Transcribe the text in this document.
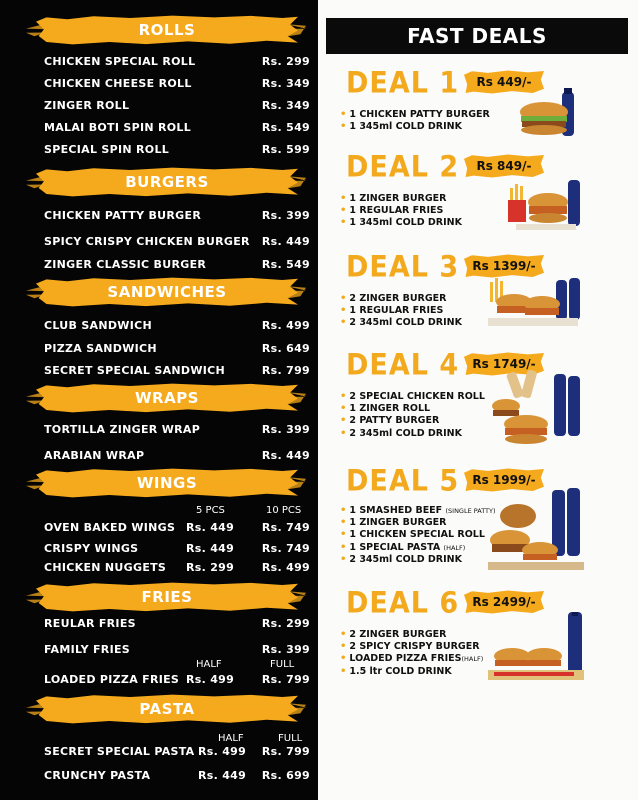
ROLLS
CHICKEN SPECIAL ROLL	Rs. 299
CHICKEN CHEESE ROLL	Rs. 349
ZINGER ROLL	Rs. 349
MALAI BOTI SPIN ROLL	Rs. 549
SPECIAL SPIN ROLL	Rs. 599
BURGERS
CHICKEN PATTY BURGER	Rs. 399
SPICY CRISPY CHICKEN BURGER Rs. 449
ZINGER CLASSIC BURGER	Rs. 549
SANDWICHES
CLUB SANDWICH	Rs. 499
PIZZA SANDWICH	Rs. 649
SECRET SPECIAL SANDWICH	Rs. 799
WRAPS
TORTILLA ZINGER WRAP	Rs. 399
ARABIAN WRAP	Rs. 449
WINGS
5 PCS	10 PCS
OVEN BAKED WINGS Rs. 449	Rs. 749
CRISPY WINGS	Rs. 449	Rs. 749
CHICKEN NUGGETS Rs. 299	Rs. 499
FRIES
REULAR FRIES	Rs. 299
FAMILY FRIES	Rs. 399
HALF	FULL
LOADED PIZZA FRIES Rs. 499	Rs. 799
PASTA
HALF	FULL
SECRET SPECIAL PASTA Rs. 499 Rs. 799
CRUNCHY PASTA	Rs. 449 Rs. 699
FAST DEALS
DEAL 1 Rs 449/-
• 1 CHICKEN PATTY BURGER
• 1 345ml COLD DRINK
DEAL 2 Rs 849/-
• 1 ZINGER BURGER
• 1 REGULAR FRIES
• 1 345ml COLD DRINK
DEAL 3 Rs 1399/-
• 2 ZINGER BURGER
• 1 REGULAR FRIES
• 2 345ml COLD DRINK
DEAL 4 Rs 1749/-
• 2 SPECIAL CHICKEN ROLL
• 1 ZINGER ROLL
• 2 PATTY BURGER
• 2 345ml COLD DRINK
DEAL 5 Rs 1999/-
• 1 SMASHED BEEF (SINGLE PATTY)
• 1 ZINGER BURGER
• 1 CHICKEN SPECIAL ROLL
• 1 SPECIAL PASTA (HALF)
• 2 345ml COLD DRINK
DEAL 6 Rs 2499/-
• 2 ZINGER BURGER
• 2 SPICY CRISPY BURGER
• LOADED PIZZA FRIES(HALF)
• 1.5 ltr COLD DRINK
